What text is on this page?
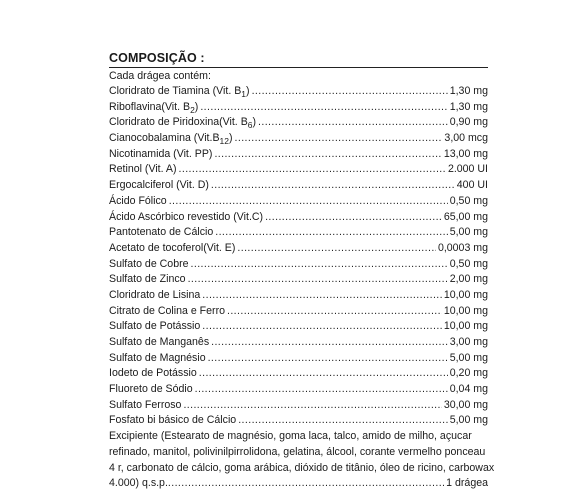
COMPOSIÇÃO :
Cada drágea contém:
Cloridrato de Tiamina (Vit. $B_1$) .....	1,30 mg
Riboflavina(Vit. $B_2$) .....	1,30 mg
Cloridrato de Piridoxina(Vit. $B_6$) .....	0,90 mg
Cianocobalamina $(Vit.B_{12})$ .....	3,00 mcg
Nicotinamida (Vit. PP) .....	13,00 mg
Retinol (Vit. A) .....	2.000 UI
Ergocalciferol (Vit. D) .....	400 UI
Ácido Fólico .....	0,50 mg
Ácido Ascórbico revestido (Vit.C) .....	65,00 mg
Pantotenato de Cálcio .....	5,00 mg
Acetato de tocoferol(Vit. E) .....	0,0003 mg
Sulfato de Cobre .....	0,50 mg
Sulfato de Zinco .....	2,00 mg
Cloridrato de Lisina .....	10,00 mg
Citrato de Colina e Ferro .....	10,00 mg
Sulfato de Potássio .....	10,00 mg
Sulfato de Manganês .....	3,00 mg
Sulfato de Magnésio .....	5,00 mg
Iodeto de Potássio .....	0,20 mg
Fluoreto de Sódio .....	0,04 mg
Sulfato Ferroso .....	30,00 mg
Fosfato bi básico de Cálcio .....	5,00 mg

Excipiente (Estearato de magnésio, goma laca, talco, amido de milho, açucar

refinado, manitol, polivinilpirrolidona, gelatina, álcool, corante vermelho ponceau

4 r, carbonato de cálcio, goma arábica, dióxido de titânio, óleo de ricino, carbowax

4.000) q.s.p. .....	1 drágea
